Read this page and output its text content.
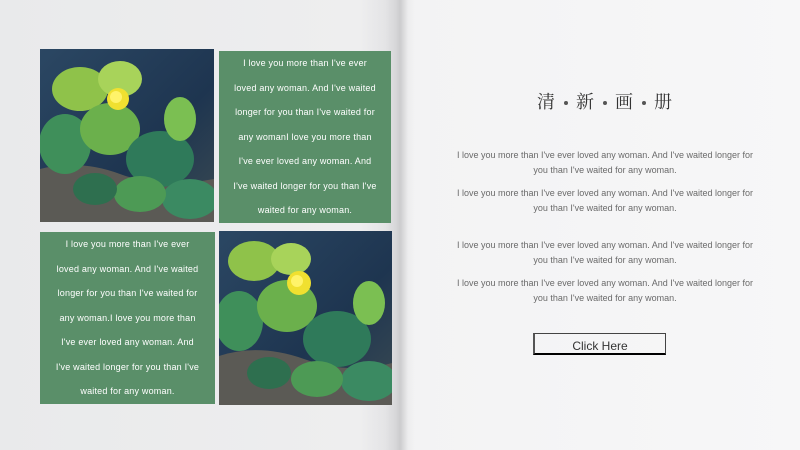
I love you more than I've ever loved any woman. And I've waited longer for you than I've waited for any womanI love you more than I've ever loved any woman. And I've waited longer for you than I've waited for any woman.

I love you more than I've ever loved any woman. And I've waited longer for you than I've waited for any woman.I love you more than I've ever loved any woman. And I've waited longer for you than I've waited for any woman.

清 新 画 册

I love you more than I've ever loved any woman. And I've waited longer for you than I've waited for any woman.

I love you more than I've ever loved any woman. And I've waited longer for you than I've waited for any woman.

I love you more than I've ever loved any woman. And I've waited longer for you than I've waited for any woman.

I love you more than I've ever loved any woman. And I've waited longer for you than I've waited for any woman.

Click Here
